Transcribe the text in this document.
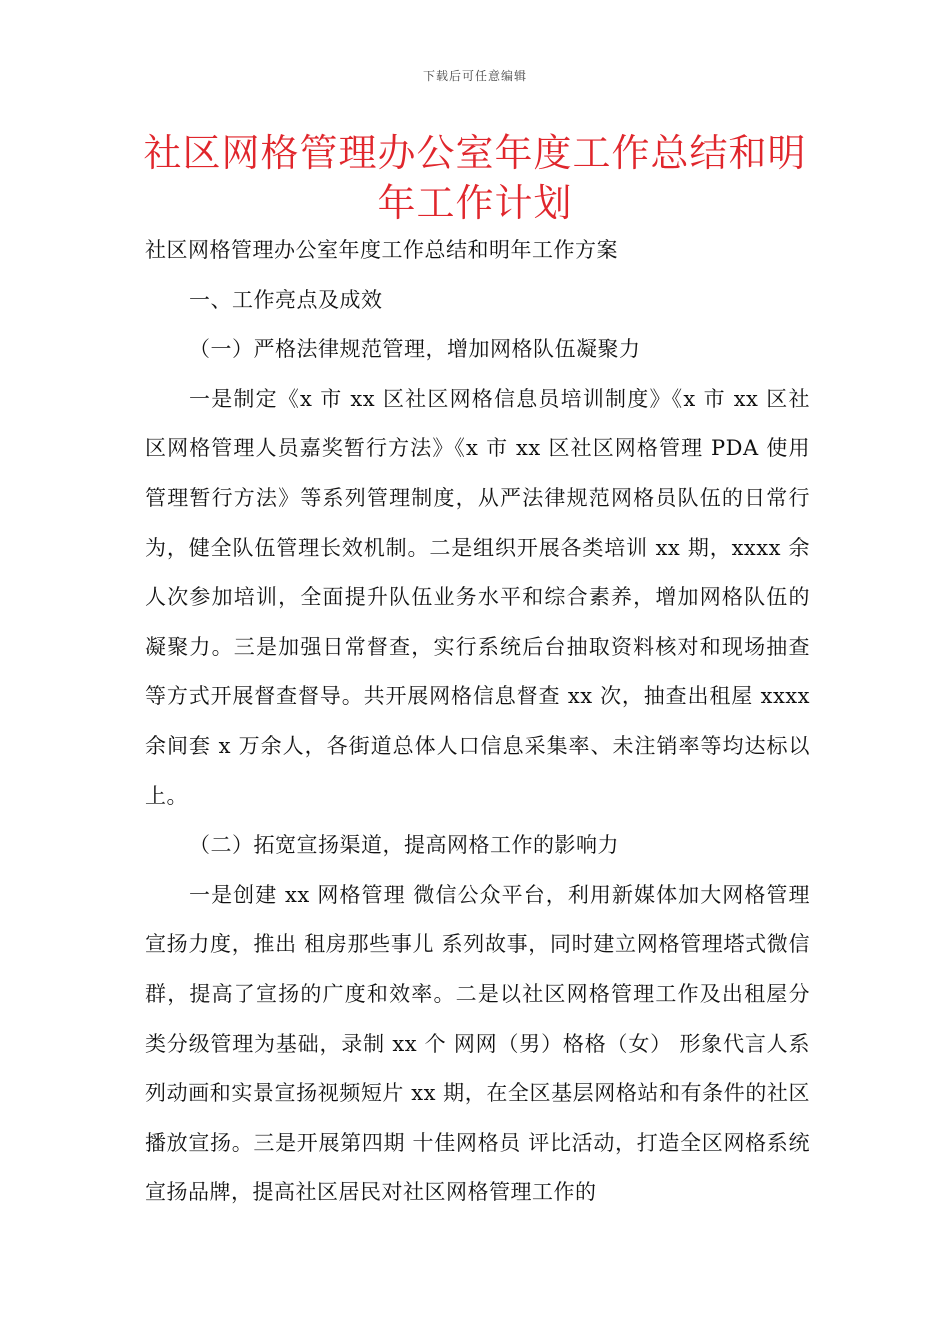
下载后可任意编辑
社区网格管理办公室年度工作总结和明年工作计划

社区网格管理办公室年度工作总结和明年工作方案

一、工作亮点及成效

（一）严格法律规范管理，增加网格队伍凝聚力

一是制定《x 市 xx 区社区网格信息员培训制度》《x 市 xx 区社区网格管理人员嘉奖暂行方法》《x 市 xx 区社区网格管理 PDA 使用管理暂行方法》等系列管理制度，从严法律规范网格员队伍的日常行为，健全队伍管理长效机制。二是组织开展各类培训 xx 期，xxxx 余人次参加培训，全面提升队伍业务水平和综合素养，增加网格队伍的凝聚力。三是加强日常督查，实行系统后台抽取资料核对和现场抽查等方式开展督查督导。共开展网格信息督查 xx 次，抽查出租屋 xxxx 余间套 x 万余人，各街道总体人口信息采集率、未注销率等均达标以上。

（二）拓宽宣扬渠道，提高网格工作的影响力

一是创建 xx 网格管理 微信公众平台，利用新媒体加大网格管理宣扬力度，推出 租房那些事儿 系列故事，同时建立网格管理塔式微信群，提高了宣扬的广度和效率。二是以社区网格管理工作及出租屋分类分级管理为基础，录制 xx 个 网网（男）格格（女） 形象代言人系列动画和实景宣扬视频短片 xx 期，在全区基层网格站和有条件的社区播放宣扬。三是开展第四期 十佳网格员 评比活动，打造全区网格系统宣扬品牌，提高社区居民对社区网格管理工作的
